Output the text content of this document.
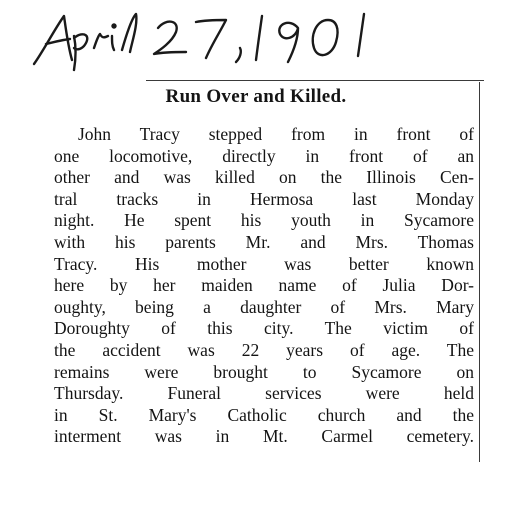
Run Over and Killed.
John Tracy stepped from in front of
one locomotive, directly in front of an
other and was killed on the Illinois Cen-
tral tracks in Hermosa last Monday
night. He spent his youth in Sycamore
with his parents Mr. and Mrs. Thomas
Tracy. His mother was better known
here by her maiden name of Julia Dor-
oughty, being a daughter of Mrs. Mary
Doroughty of this city. The victim of
the accident was 22 years of age. The
remains were brought to Sycamore on
Thursday. Funeral services were held
in St. Mary's Catholic church and the
interment was in Mt. Carmel cemetery.
